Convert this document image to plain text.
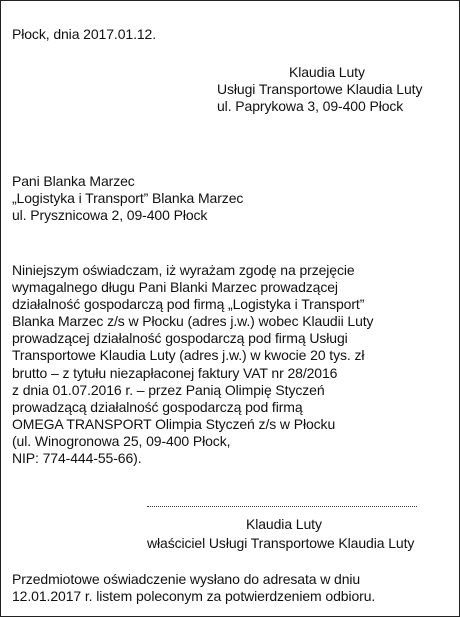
Płock, dnia 2017.01.12.
Klaudia Luty
Usługi Transportowe Klaudia Luty
ul. Paprykowa 3, 09-400 Płock
Pani Blanka Marzec
„Logistyka i Transport” Blanka Marzec
ul. Prysznicowa 2, 09-400 Płock
Niniejszym oświadczam, iż wyrażam zgodę na przejęcie
wymagalnego długu Pani Blanki Marzec prowadzącej
działalność gospodarczą pod firmą „Logistyka i Transport”
Blanka Marzec z/s w Płocku (adres j.w.) wobec Klaudii Luty
prowadzącej działalność gospodarczą pod firmą Usługi
Transportowe Klaudia Luty (adres j.w.) w kwocie 20 tys. zł
brutto – z tytułu niezapłaconej faktury VAT nr 28/2016
z dnia 01.07.2016 r. – przez Panią Olimpię Styczeń
prowadzącą działalność gospodarczą pod firmą
OMEGA TRANSPORT Olimpia Styczeń z/s w Płocku
(ul. Winogronowa 25, 09-400 Płock,
NIP: 774-444-55-66).
Klaudia Luty
właściciel Usługi Transportowe Klaudia Luty
Przedmiotowe oświadczenie wysłano do adresata w dniu
12.01.2017 r. listem poleconym za potwierdzeniem odbioru.
